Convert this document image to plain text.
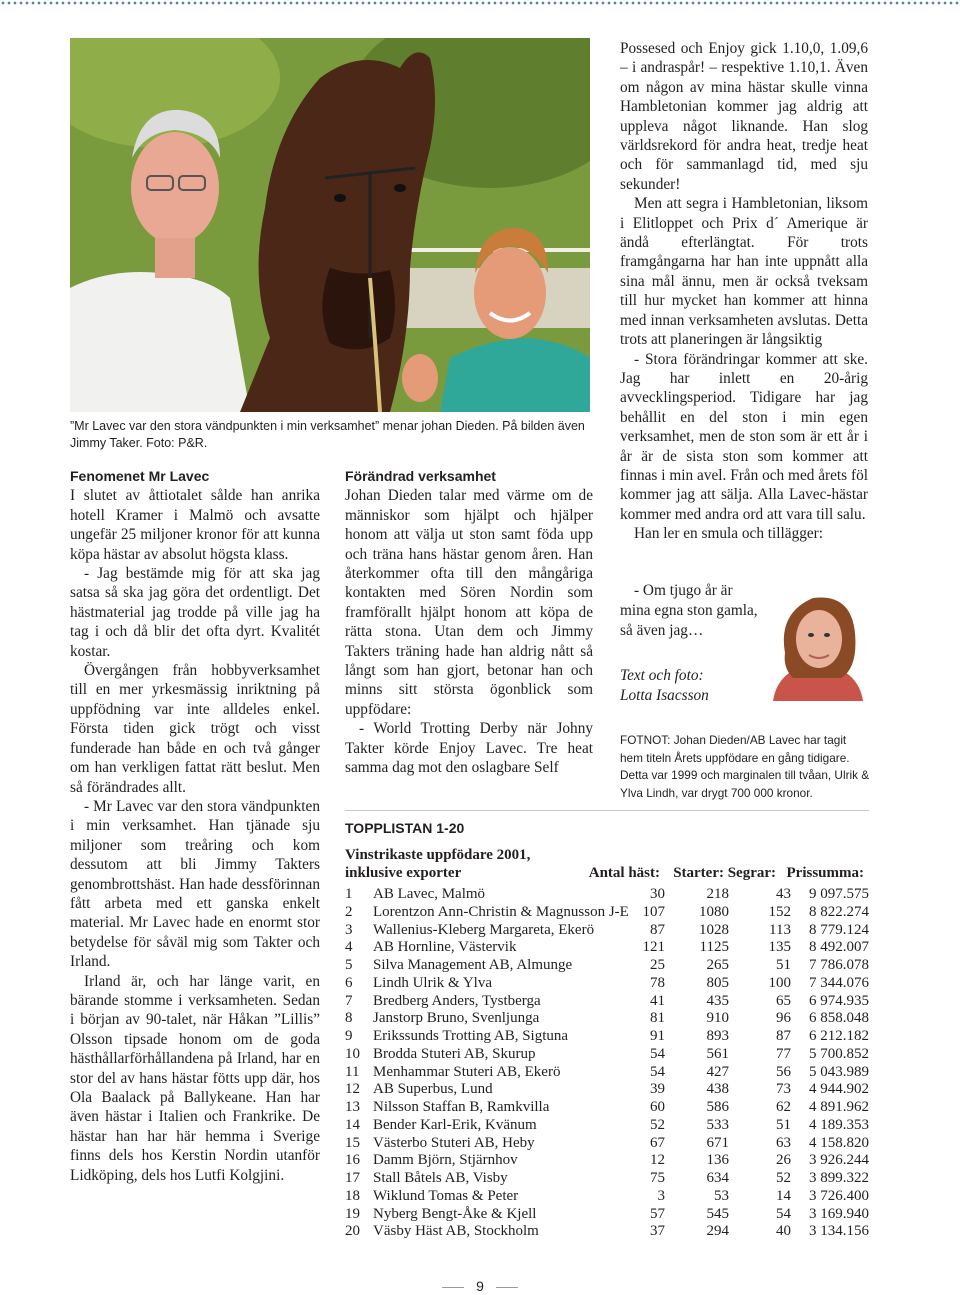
”Mr Lavec var den stora vändpunkten i min verksamhet” menar johan Dieden. På bilden även Jimmy Taker. Foto: P&R.
Fenomenet Mr Lavec

I slutet av åttiotalet sålde han anrika hotell Kramer i Malmö och avsatte ungefär 25 miljoner kronor för att kunna köpa hästar av absolut högsta klass.

- Jag bestämde mig för att ska jag satsa så ska jag göra det ordentligt. Det hästmaterial jag trodde på ville jag ha tag i och då blir det ofta dyrt. Kvalitét kostar.

Övergången från hobbyverksamhet till en mer yrkesmässig inriktning på uppfödning var inte alldeles enkel. Första tiden gick trögt och visst funderade han både en och två gånger om han verkligen fattat rätt beslut. Men så förändrades allt.

- Mr Lavec var den stora vändpunkten i min verksamhet. Han tjänade sju miljoner som treåring och kom dessutom att bli Jimmy Takters genombrottshäst. Han hade dessförinnan fått arbeta med ett ganska enkelt material. Mr Lavec hade en enormt stor betydelse för såväl mig som Takter och Irland.

Irland är, och har länge varit, en bärande stomme i verksamheten. Sedan i början av 90-talet, när Håkan ”Lillis” Olsson tipsade honom om de goda hästhållarförhållandena på Irland, har en stor del av hans hästar fötts upp där, hos Ola Baalack på Ballykeane. Han har även hästar i Italien och Frankrike. De hästar han har här hemma i Sverige finns dels hos Kerstin Nordin utanför Lidköping, dels hos Lutfi Kolgjini.

Förändrad verksamhet

Johan Dieden talar med värme om de människor som hjälpt och hjälper honom att välja ut ston samt föda upp och träna hans hästar genom åren. Han återkommer ofta till den mångåriga kontakten med Sören Nordin som framförallt hjälpt honom att köpa de rätta stona. Utan dem och Jimmy Takters träning hade han aldrig nått så långt som han gjort, betonar han och minns sitt största ögonblick som uppfödare:

- World Trotting Derby när Johny Takter körde Enjoy Lavec. Tre heat samma dag mot den oslagbare Self

Possesed och Enjoy gick 1.10,0, 1.09,6 – i andraspår! – respektive 1.10,1. Även om någon av mina hästar skulle vinna Hambletonian kommer jag aldrig att uppleva något liknande. Han slog världsrekord för andra heat, tredje heat och för sammanlagd tid, med sju sekunder!

Men att segra i Hambletonian, liksom i Elitloppet och Prix d´ Amerique är ändå efterlängtat. För trots framgångarna har han inte uppnått alla sina mål ännu, men är också tveksam till hur mycket han kommer att hinna med innan verksamheten avslutas. Detta trots att planeringen är långsiktig

- Stora förändringar kommer att ske. Jag har inlett en 20-årig avvecklingsperiod. Tidigare har jag behållit en del ston i min egen verksamhet, men de ston som är ett år i år är de sista ston som kommer att finnas i min avel. Från och med årets föl kommer jag att sälja. Alla Lavec-hästar kommer med andra ord att vara till salu.

Han ler en smula och tillägger:

- Om tjugo år är
mina egna ston gamla,
så även jag…
Text och foto:
Lotta Isacsson
FOTNOT: Johan Dieden/AB Lavec har tagit hem titeln Årets uppfödare en gång tidigare. Detta var 1999 och marginalen till tvåan, Ulrik & Ylva Lindh, var drygt 700 000 kronor.
TOPPLISTAN 1-20
Vinstrikaste uppfödare 2001,
inklusive exporter	Antal häst: Starter: Segrar: Prissumma:
1	AB Lavec, Malmö	30	218	43	9 097.575
2	Lorentzon Ann-Christin & Magnusson J-E	107	1080	152	8 822.274
3	Wallenius-Kleberg Margareta, Ekerö	87	1028	113	8 779.124
4	AB Hornline, Västervik	121	1125	135	8 492.007
5	Silva Management AB, Almunge	25	265	51	7 786.078
6	Lindh Ulrik & Ylva	78	805	100	7 344.076
7	Bredberg Anders, Tystberga	41	435	65	6 974.935
8	Janstorp Bruno, Svenljunga	81	910	96	6 858.048
9	Erikssunds Trotting AB, Sigtuna	91	893	87	6 212.182
10	Brodda Stuteri AB, Skurup	54	561	77	5 700.852
11	Menhammar Stuteri AB, Ekerö	54	427	56	5 043.989
12	AB Superbus, Lund	39	438	73	4 944.902
13	Nilsson Staffan B, Ramkvilla	60	586	62	4 891.962
14	Bender Karl-Erik, Kvänum	52	533	51	4 189.353
15	Västerbo Stuteri AB, Heby	67	671	63	4 158.820
16	Damm Björn, Stjärnhov	12	136	26	3 926.244
17	Stall Båtels AB, Visby	75	634	52	3 899.322
18	Wiklund Tomas & Peter	3	53	14	3 726.400
19	Nyberg Bengt-Åke & Kjell	57	545	54	3 169.940
20	Väsby Häst AB, Stockholm	37	294	40	3 134.156
9
